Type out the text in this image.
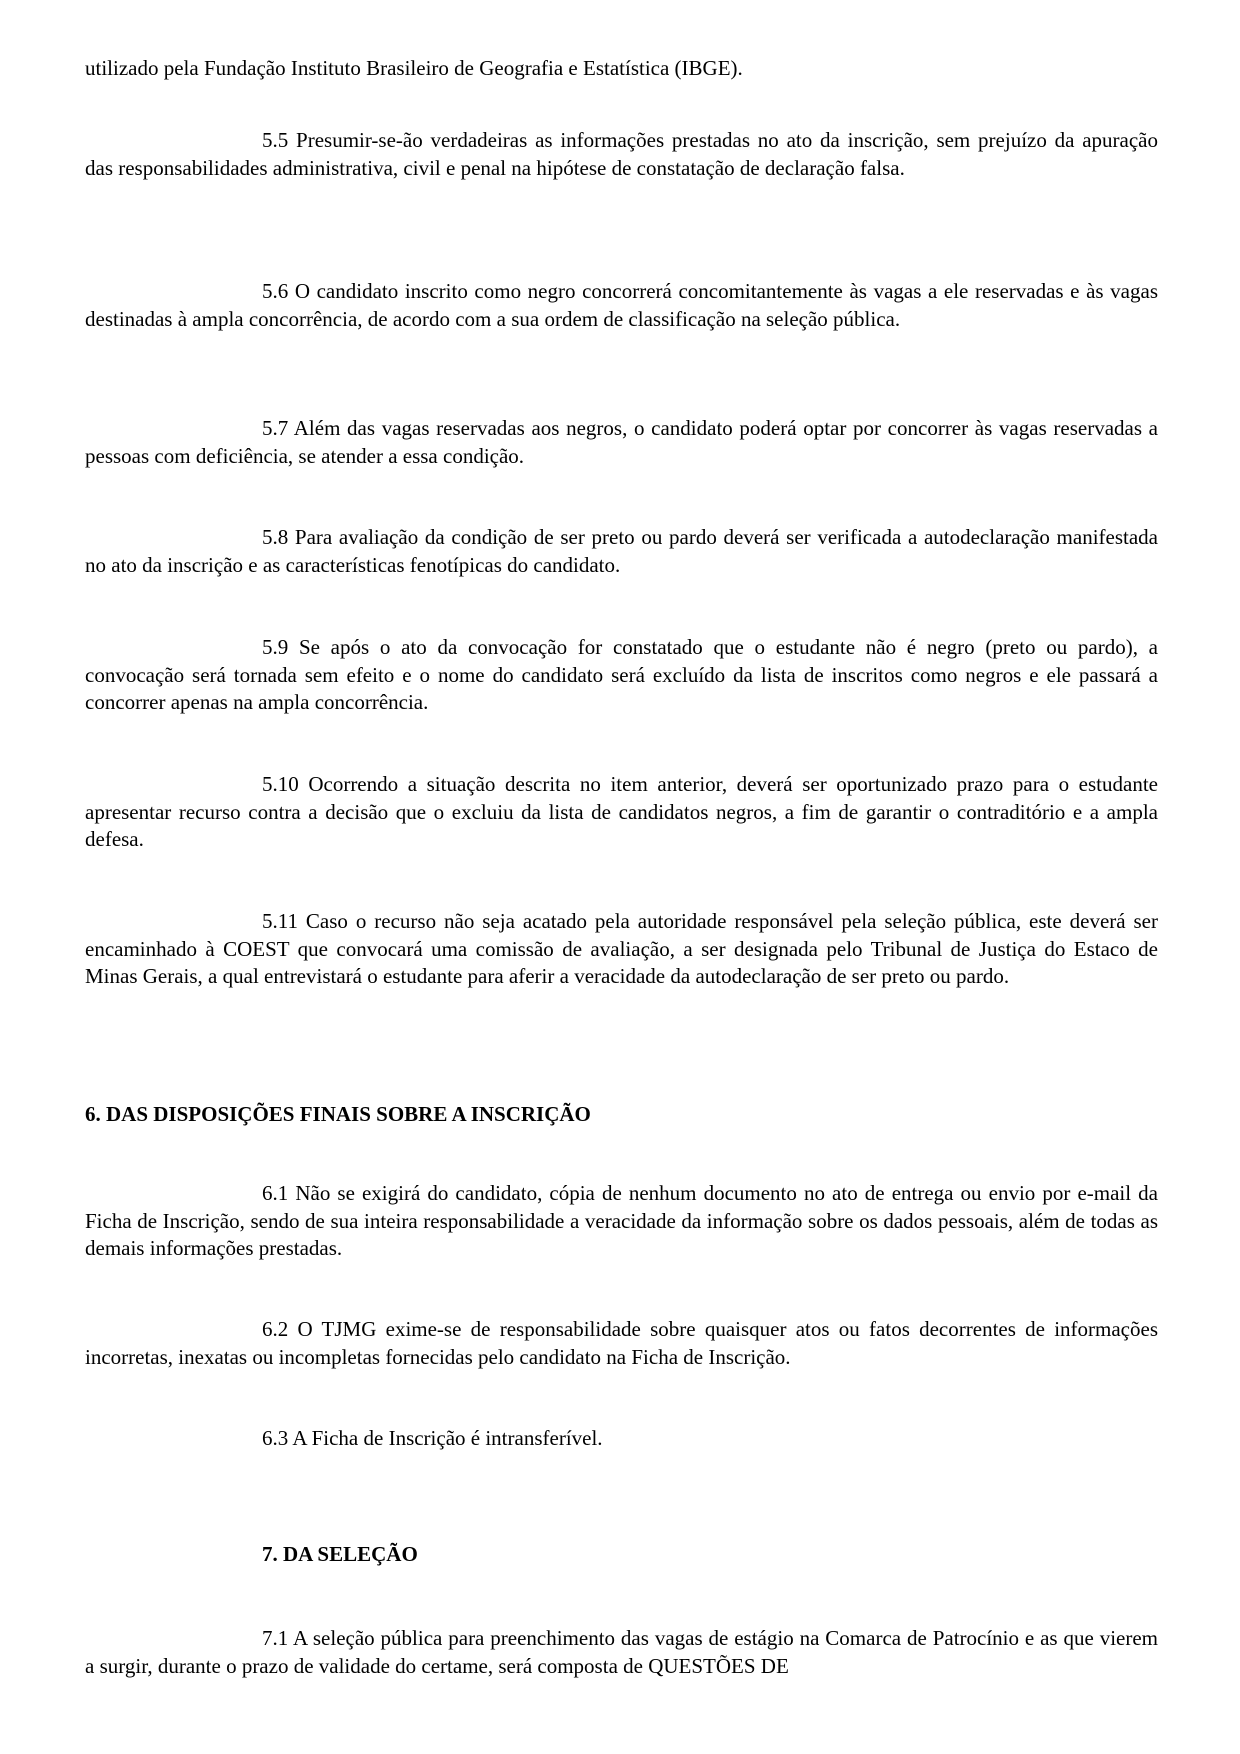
utilizado pela Fundação Instituto Brasileiro de Geografia e Estatística (IBGE).

5.5 Presumir-se-ão verdadeiras as informações prestadas no ato da inscrição, sem prejuízo da apuração das responsabilidades administrativa, civil e penal na hipótese de constatação de declaração falsa.

5.6 O candidato inscrito como negro concorrerá concomitantemente às vagas a ele reservadas e às vagas destinadas à ampla concorrência, de acordo com a sua ordem de classificação na seleção pública.

5.7 Além das vagas reservadas aos negros, o candidato poderá optar por concorrer às vagas reservadas a pessoas com deficiência, se atender a essa condição.

5.8 Para avaliação da condição de ser preto ou pardo deverá ser verificada a autodeclaração manifestada no ato da inscrição e as características fenotípicas do candidato.

5.9 Se após o ato da convocação for constatado que o estudante não é negro (preto ou pardo), a convocação será tornada sem efeito e o nome do candidato será excluído da lista de inscritos como negros e ele passará a concorrer apenas na ampla concorrência.

5.10 Ocorrendo a situação descrita no item anterior, deverá ser oportunizado prazo para o estudante apresentar recurso contra a decisão que o excluiu da lista de candidatos negros, a fim de garantir o contraditório e a ampla defesa.

5.11 Caso o recurso não seja acatado pela autoridade responsável pela seleção pública, este deverá ser encaminhado à COEST que convocará uma comissão de avaliação, a ser designada pelo Tribunal de Justiça do Estaco de Minas Gerais, a qual entrevistará o estudante para aferir a veracidade da autodeclaração de ser preto ou pardo.

6. DAS DISPOSIÇÕES FINAIS SOBRE A INSCRIÇÃO

6.1 Não se exigirá do candidato, cópia de nenhum documento no ato de entrega ou envio por e-mail da Ficha de Inscrição, sendo de sua inteira responsabilidade a veracidade da informação sobre os dados pessoais, além de todas as demais informações prestadas.

6.2 O TJMG exime-se de responsabilidade sobre quaisquer atos ou fatos decorrentes de informações incorretas, inexatas ou incompletas fornecidas pelo candidato na Ficha de Inscrição.

6.3 A Ficha de Inscrição é intransferível.

7. DA SELEÇÃO

7.1 A seleção pública para preenchimento das vagas de estágio na Comarca de Patrocínio e as que vierem a surgir, durante o prazo de validade do certame, será composta de QUESTÕES DE
